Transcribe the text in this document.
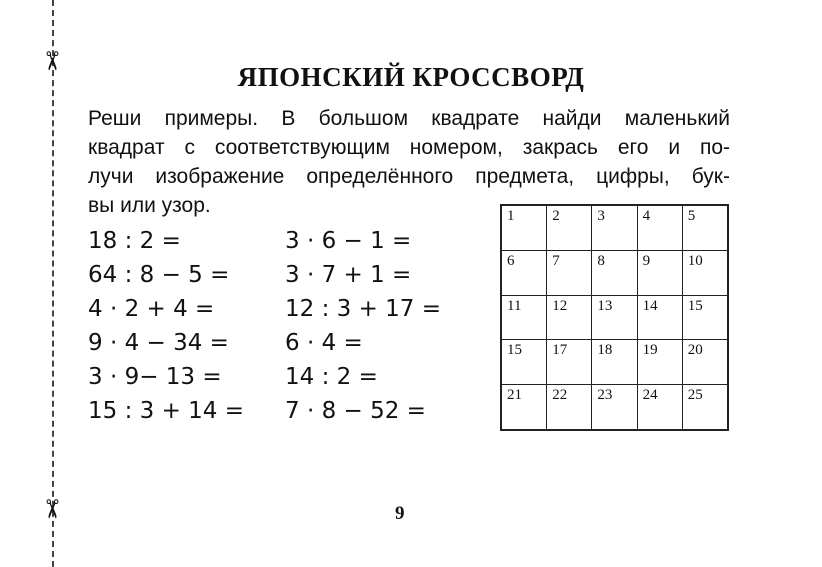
✂
✂
ЯПОНСКИЙ КРОССВОРД
Реши примеры. В большом квадрате найди маленький
квадрат с соответствующим номером, закрась его и по-
лучи изображение определённого предмета, цифры, бук-
вы или узор.
18 : 2 =
64 : 8 − 5 =
4 · 2 + 4 =
9 · 4 − 34 =
3 · 9− 13 =
15 : 3 + 14 =
3 · 6 − 1 =
3 · 7 + 1 =
12 : 3 + 17 =
6 · 4 =
14 : 2 =
7 · 8 − 52 =
1	2	3	4	5
6	7	8	9	10
11	12	13	14	15
15	17	18	19	20
21	22	23	24	25
9
